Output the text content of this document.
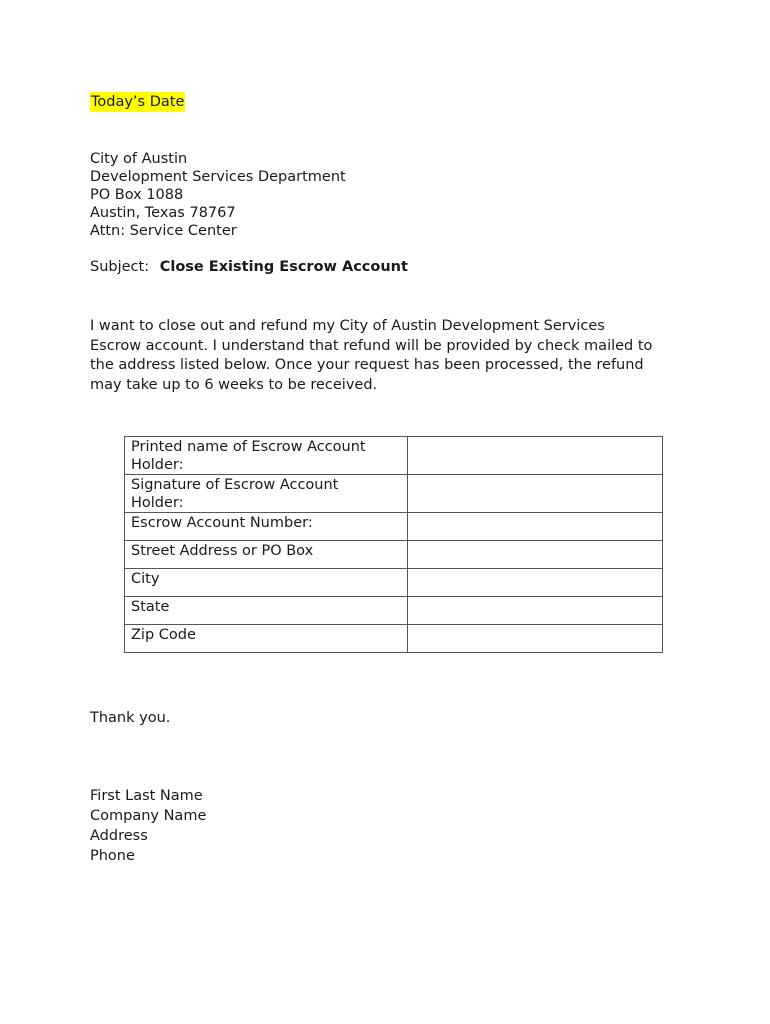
Today’s Date
City of Austin
Development Services Department
PO Box 1088
Austin, Texas 78767
Attn: Service Center
Subject: Close Existing Escrow Account
I want to close out and refund my City of Austin Development Services
Escrow account. I understand that refund will be provided by check mailed to
the address listed below. Once your request has been processed, the refund
may take up to 6 weeks to be received.
Printed name of Escrow Account
Holder:	

Signature of Escrow Account
Holder:	

Escrow Account Number:	

Street Address or PO Box	

City	

State	

Zip Code	

Thank you.
First Last Name
Company Name
Address
Phone
